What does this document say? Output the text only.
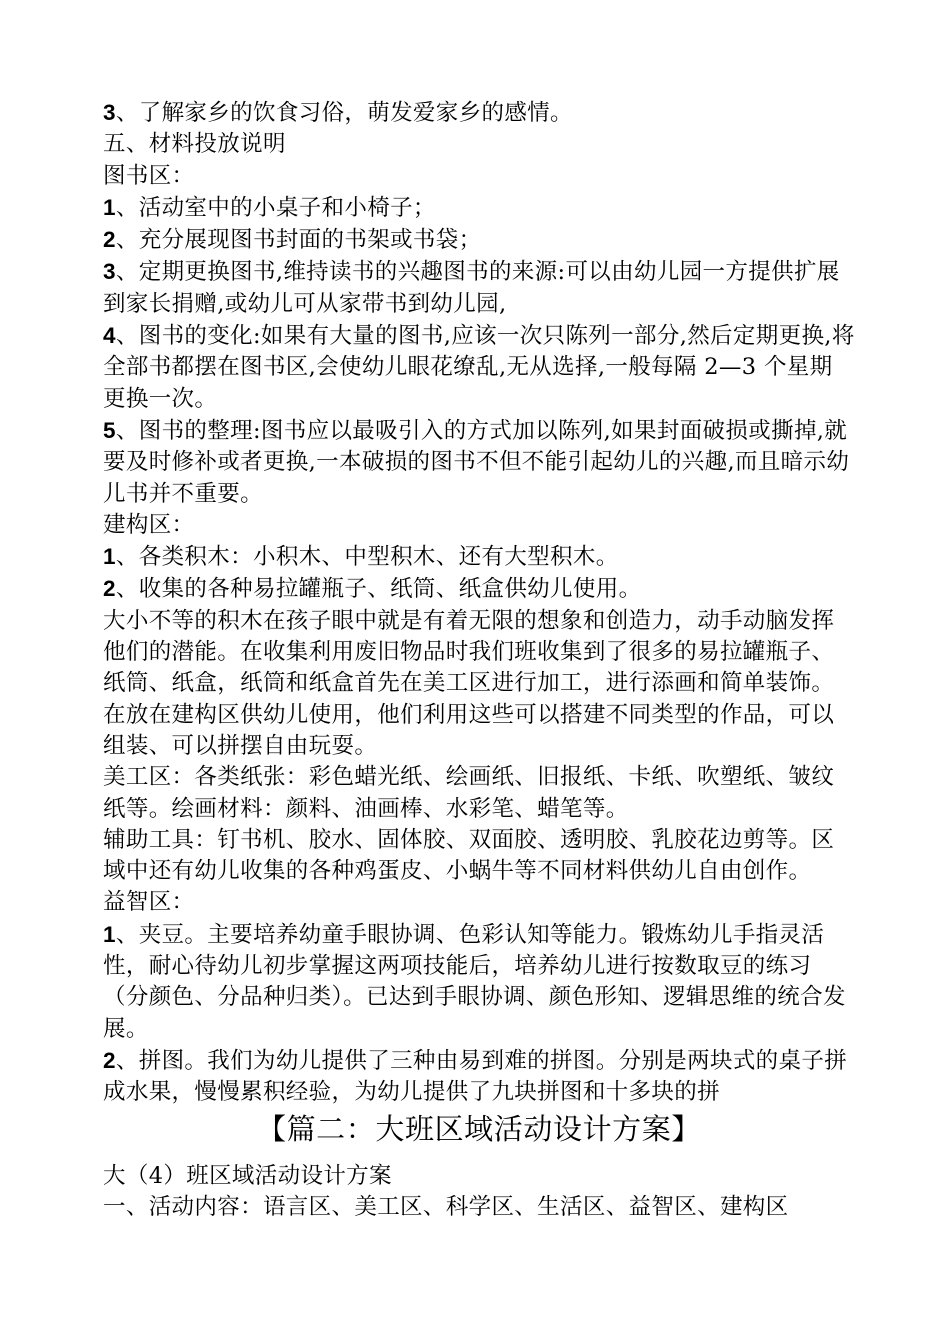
3、了解家乡的饮食习俗，萌发爱家乡的感情。

五、材料投放说明

图书区：

1、活动室中的小桌子和小椅子；

2、充分展现图书封面的书架或书袋；

3、定期更换图书,维持读书的兴趣图书的来源:可以由幼儿园一方提供扩展到家长捐赠,或幼儿可从家带书到幼儿园,

4、图书的变化:如果有大量的图书,应该一次只陈列一部分,然后定期更换,将全部书都摆在图书区,会使幼儿眼花缭乱,无从选择,一般每隔 2—3 个星期更换一次。

5、图书的整理:图书应以最吸引入的方式加以陈列,如果封面破损或撕掉,就要及时修补或者更换,一本破损的图书不但不能引起幼儿的兴趣,而且暗示幼儿书并不重要。

建构区：

1、各类积木：小积木、中型积木、还有大型积木。

2、收集的各种易拉罐瓶子、纸筒、纸盒供幼儿使用。

大小不等的积木在孩子眼中就是有着无限的想象和创造力，动手动脑发挥他们的潜能。在收集利用废旧物品时我们班收集到了很多的易拉罐瓶子、纸筒、纸盒，纸筒和纸盒首先在美工区进行加工，进行添画和简单装饰。在放在建构区供幼儿使用，他们利用这些可以搭建不同类型的作品，可以组装、可以拼摆自由玩耍。

美工区：各类纸张：彩色蜡光纸、绘画纸、旧报纸、卡纸、吹塑纸、皱纹纸等。绘画材料：颜料、油画棒、水彩笔、蜡笔等。

辅助工具：钉书机、胶水、固体胶、双面胶、透明胶、乳胶花边剪等。区域中还有幼儿收集的各种鸡蛋皮、小蜗牛等不同材料供幼儿自由创作。

益智区：

1、夹豆。主要培养幼童手眼协调、色彩认知等能力。锻炼幼儿手指灵活性，耐心待幼儿初步掌握这两项技能后，培养幼儿进行按数取豆的练习（分颜色、分品种归类）。已达到手眼协调、颜色形知、逻辑思维的统合发展。

2、拼图。我们为幼儿提供了三种由易到难的拼图。分别是两块式的桌子拼成水果，慢慢累积经验，为幼儿提供了九块拼图和十多块的拼

【篇二：大班区域活动设计方案】

大（4）班区域活动设计方案

一、活动内容：语言区、美工区、科学区、生活区、益智区、建构区
